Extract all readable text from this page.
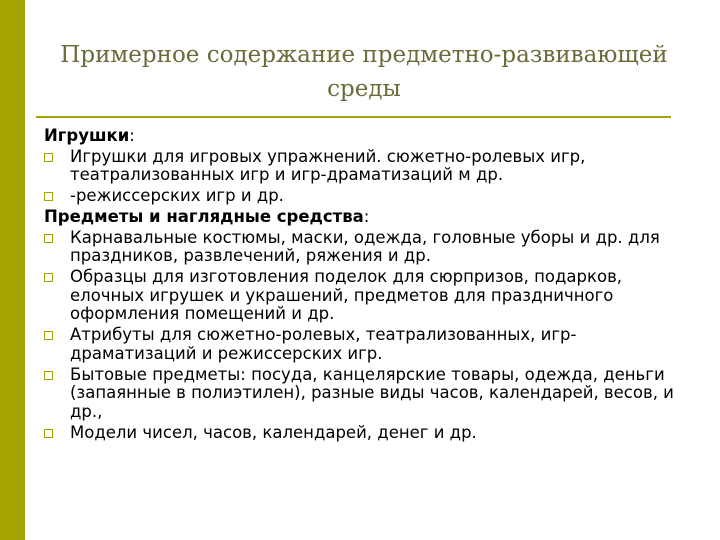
Примерное содержание предметно-развивающей среды
Игрушки:
Игрушки для игровых упражнений. сюжетно-ролевых игр, театрализованных игр и игр-драматизаций м др.
-режиссерских игр и др.
Предметы и наглядные средства:
Карнавальные костюмы, маски, одежда, головные уборы и др. для праздников, развлечений, ряжения и др.
Образцы для изготовления поделок для сюрпризов, подарков, елочных игрушек и украшений, предметов для праздничного оформления помещений и др.
Атрибуты для сюжетно-ролевых, театрализованных, игр-драматизаций и режиссерских игр.
Бытовые предметы: посуда, канцелярские товары, одежда, деньги (запаянные в полиэтилен), разные виды часов, календарей, весов, и др.,
Модели чисел, часов, календарей, денег и др.
